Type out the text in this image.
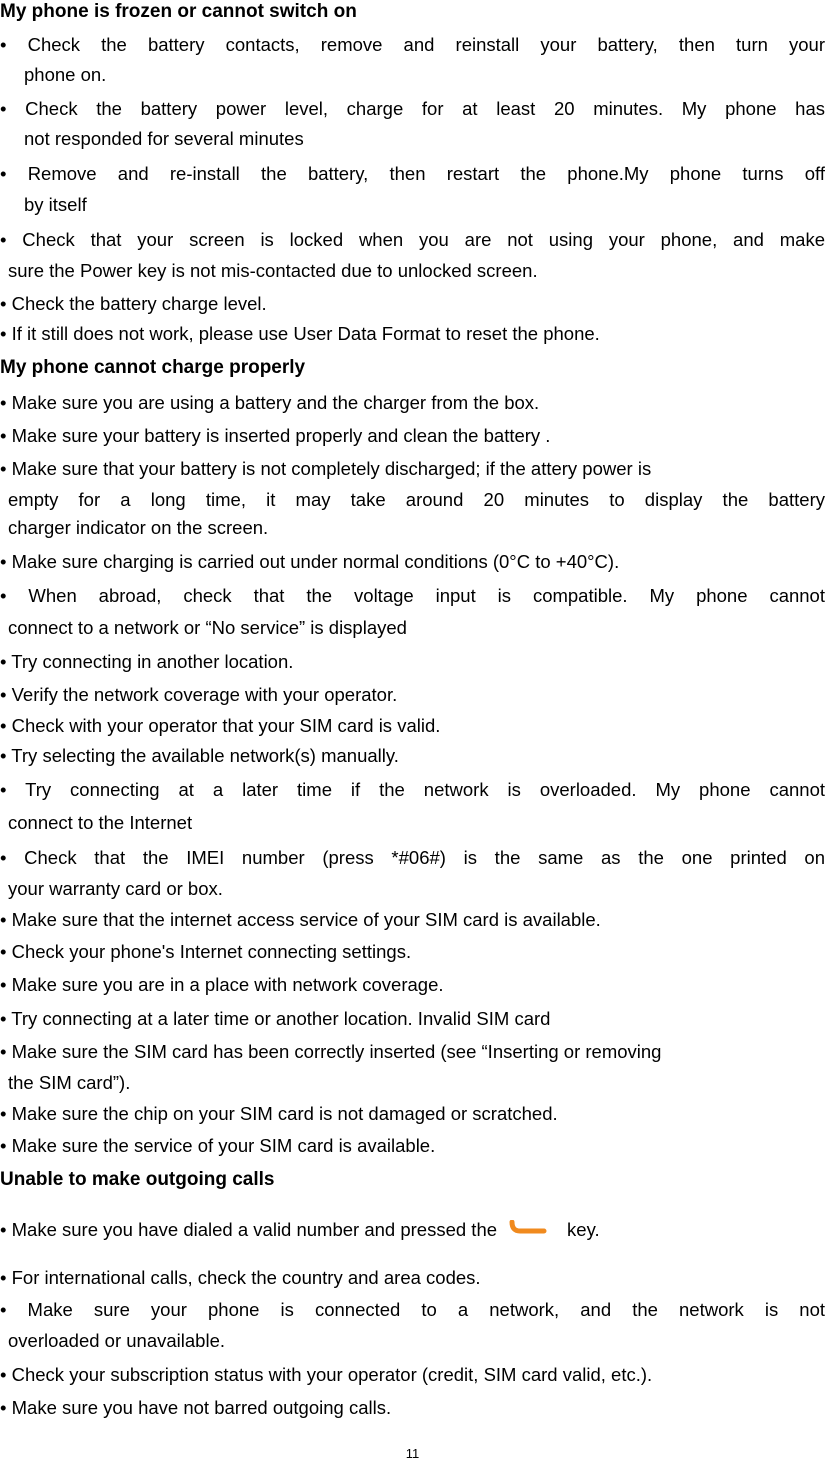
My phone is frozen or cannot switch on
• Check the battery contacts, remove and reinstall your battery, then turn your
phone on.
• Check the battery power level, charge for at least 20 minutes. My phone has
not responded for several minutes
• Remove and re-install the battery, then restart the phone.My phone turns off
by itself
• Check that your screen is locked when you are not using your phone, and make
sure the Power key is not mis-contacted due to unlocked screen.
• Check the battery charge level.
• If it still does not work, please use User Data Format to reset the phone.
My phone cannot charge properly
• Make sure you are using a battery and the charger from the box.
• Make sure your battery is inserted properly and clean the battery .
• Make sure that your battery is not completely discharged; if the attery power is
empty for a long time, it may take around 20 minutes to display the battery
charger indicator on the screen.
• Make sure charging is carried out under normal conditions (0°C to +40°C).
• When abroad, check that the voltage input is compatible. My phone cannot
connect to a network or “No service” is displayed
• Try connecting in another location.
• Verify the network coverage with your operator.
• Check with your operator that your SIM card is valid.
• Try selecting the available network(s) manually.
• Try connecting at a later time if the network is overloaded. My phone cannot
connect to the Internet
• Check that the IMEI number (press *#06#) is the same as the one printed on
your warranty card or box.
• Make sure that the internet access service of your SIM card is available.
• Check your phone's Internet connecting settings.
• Make sure you are in a place with network coverage.
• Try connecting at a later time or another location. Invalid SIM card
• Make sure the SIM card has been correctly inserted (see “Inserting or removing
the SIM card”).
• Make sure the chip on your SIM card is not damaged or scratched.
• Make sure the service of your SIM card is available.
Unable to make outgoing calls
• Make sure you have dialed a valid number and pressed the	key.
• For international calls, check the country and area codes.
• Make sure your phone is connected to a network, and the network is not
overloaded or unavailable.
• Check your subscription status with your operator (credit, SIM card valid, etc.).
• Make sure you have not barred outgoing calls.
11
